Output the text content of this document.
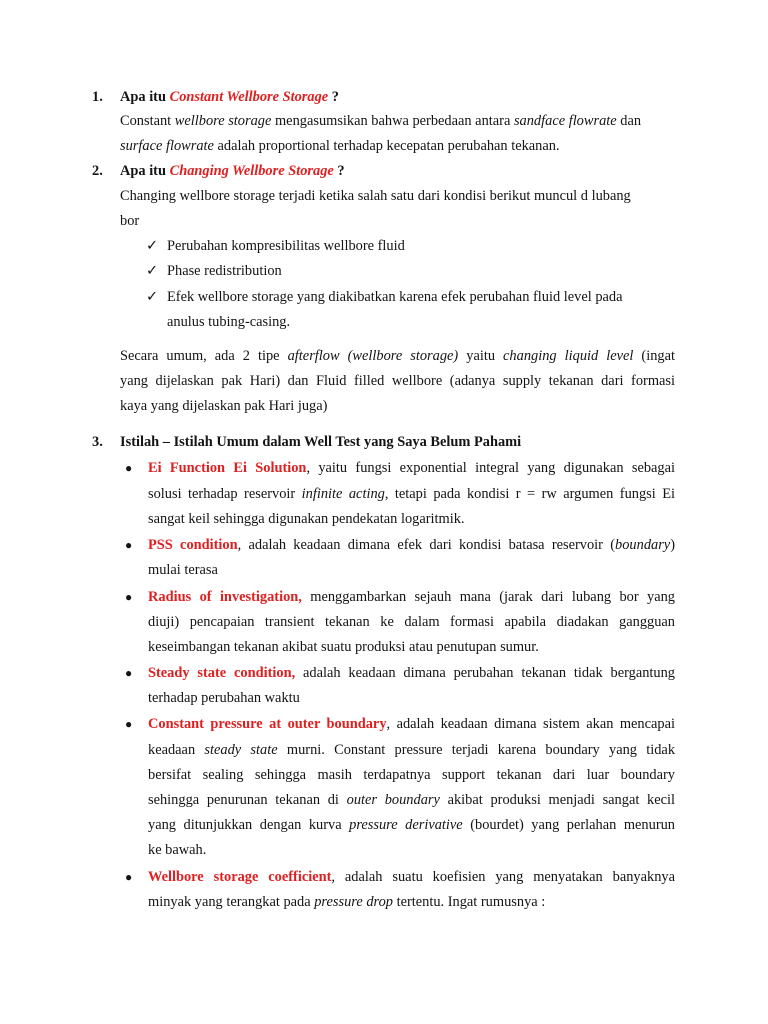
1. Apa itu Constant Wellbore Storage ?
Constant wellbore storage mengasumsikan bahwa perbedaan antara sandface flowrate dan
surface flowrate adalah proportional terhadap kecepatan perubahan tekanan.
2. Apa itu Changing Wellbore Storage ?
Changing wellbore storage terjadi ketika salah satu dari kondisi berikut muncul d lubang
bor
✓ Perubahan kompresibilitas wellbore fluid
✓ Phase redistribution
✓ Efek wellbore storage yang diakibatkan karena efek perubahan fluid level pada
anulus tubing-casing.
Secara umum, ada 2 tipe afterflow (wellbore storage) yaitu changing liquid level (ingat
yang dijelaskan pak Hari) dan Fluid filled wellbore (adanya supply tekanan dari formasi
kaya yang dijelaskan pak Hari juga)
3. Istilah – Istilah Umum dalam Well Test yang Saya Belum Pahami
● Ei Function Ei Solution, yaitu fungsi exponential integral yang digunakan sebagai
solusi terhadap reservoir infinite acting, tetapi pada kondisi r = rw argumen fungsi Ei
sangat keil sehingga digunakan pendekatan logaritmik.
● PSS condition, adalah keadaan dimana efek dari kondisi batasa reservoir (boundary)
mulai terasa
● Radius of investigation, menggambarkan sejauh mana (jarak dari lubang bor yang
diuji) pencapaian transient tekanan ke dalam formasi apabila diadakan gangguan
keseimbangan tekanan akibat suatu produksi atau penutupan sumur.
● Steady state condition, adalah keadaan dimana perubahan tekanan tidak bergantung
terhadap perubahan waktu
● Constant pressure at outer boundary, adalah keadaan dimana sistem akan mencapai
keadaan steady state murni. Constant pressure terjadi karena boundary yang tidak
bersifat sealing sehingga masih terdapatnya support tekanan dari luar boundary
sehingga penurunan tekanan di outer boundary akibat produksi menjadi sangat kecil
yang ditunjukkan dengan kurva pressure derivative (bourdet) yang perlahan menurun
ke bawah.
● Wellbore storage coefficient, adalah suatu koefisien yang menyatakan banyaknya
minyak yang terangkat pada pressure drop tertentu. Ingat rumusnya :
